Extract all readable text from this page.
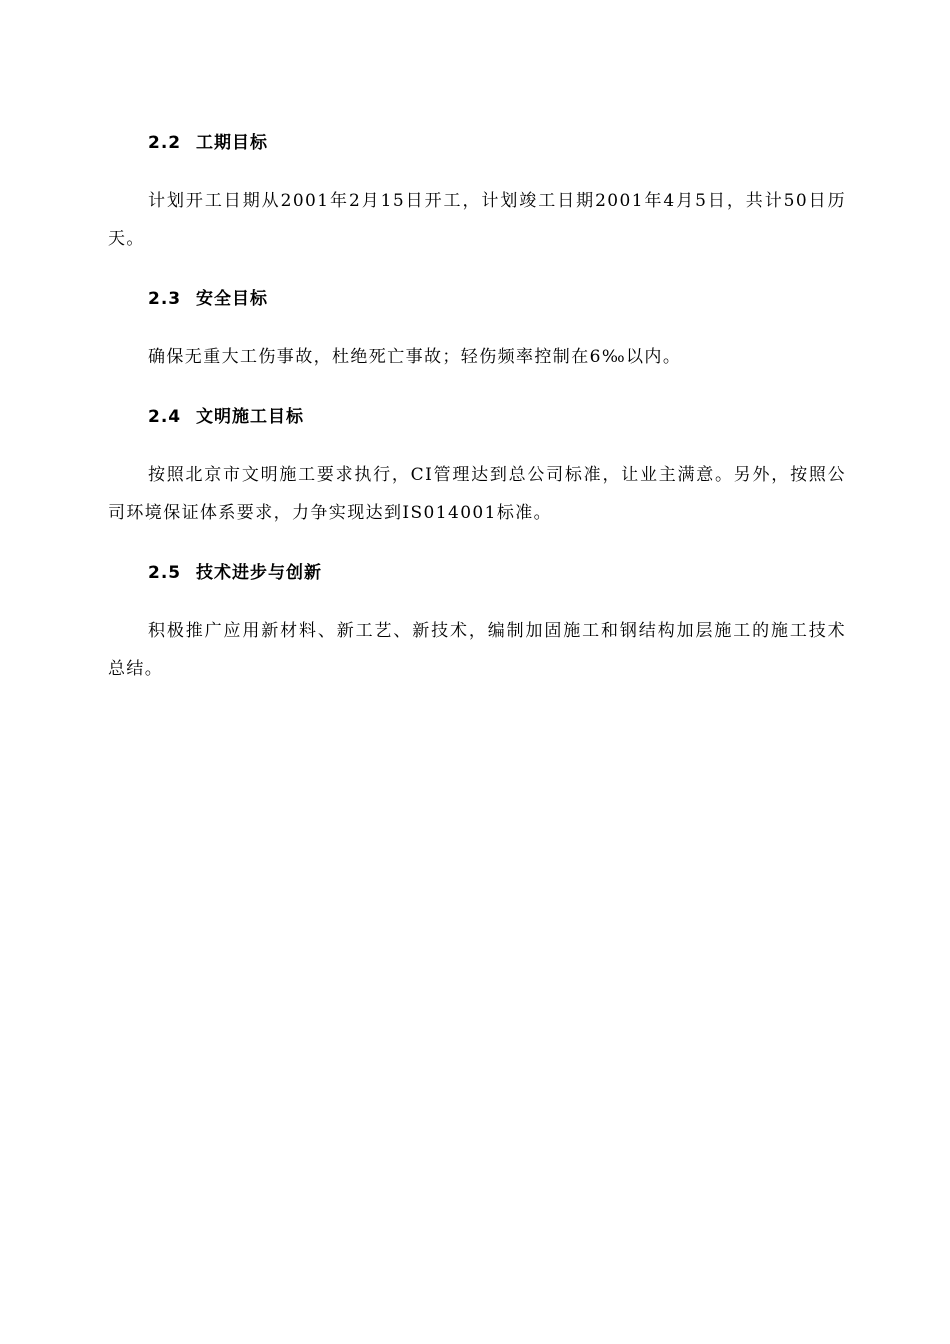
2.2 工期目标

计划开工日期从2001年2月15日开工，计划竣工日期2001年4月5日，共计50日历天。

2.3 安全目标

确保无重大工伤事故，杜绝死亡事故；轻伤频率控制在6‰以内。

2.4 文明施工目标

按照北京市文明施工要求执行，CI管理达到总公司标准，让业主满意。另外，按照公司环境保证体系要求，力争实现达到IS014001标准。

2.5 技术进步与创新

积极推广应用新材料、新工艺、新技术，编制加固施工和钢结构加层施工的施工技术总结。
